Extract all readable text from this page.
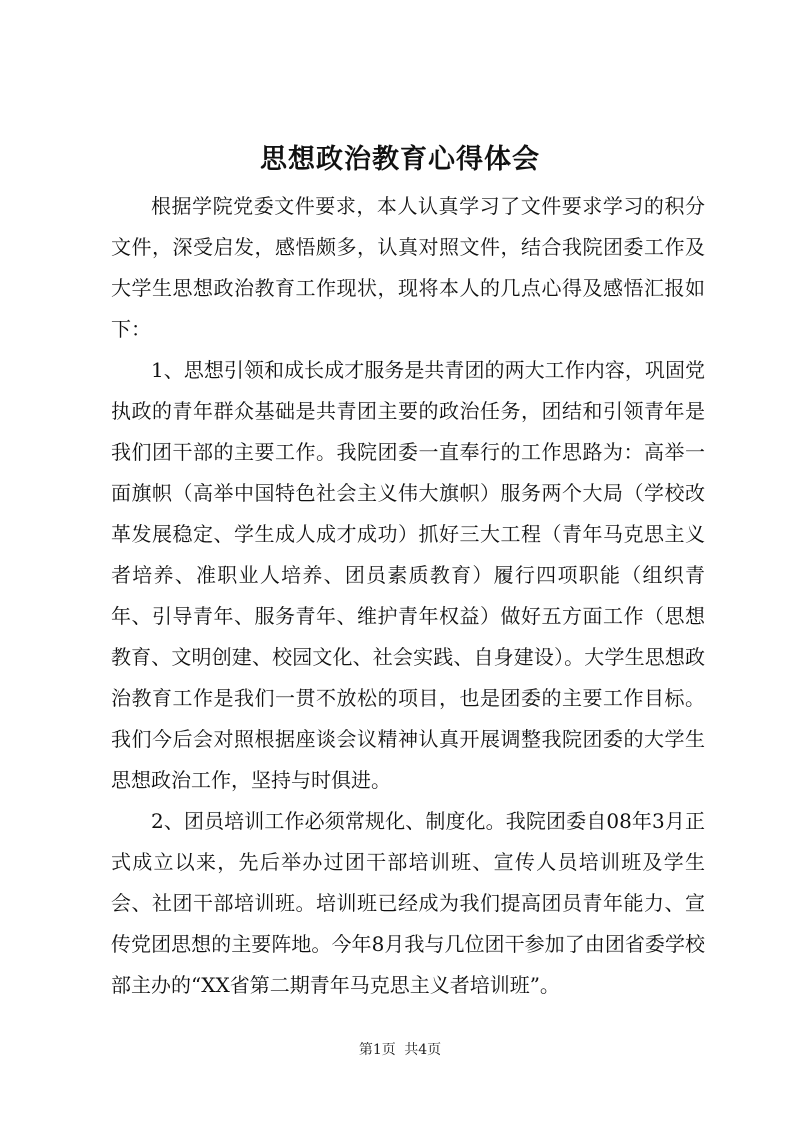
思想政治教育心得体会

根据学院党委文件要求，本人认真学习了文件要求学习的积分文件，深受启发，感悟颇多，认真对照文件，结合我院团委工作及大学生思想政治教育工作现状，现将本人的几点心得及感悟汇报如下：

1、思想引领和成长成才服务是共青团的两大工作内容，巩固党执政的青年群众基础是共青团主要的政治任务，团结和引领青年是我们团干部的主要工作。我院团委一直奉行的工作思路为：高举一面旗帜（高举中国特色社会主义伟大旗帜）服务两个大局（学校改革发展稳定、学生成人成才成功）抓好三大工程（青年马克思主义者培养、准职业人培养、团员素质教育）履行四项职能（组织青年、引导青年、服务青年、维护青年权益）做好五方面工作（思想教育、文明创建、校园文化、社会实践、自身建设）。大学生思想政治教育工作是我们一贯不放松的项目，也是团委的主要工作目标。我们今后会对照根据座谈会议精神认真开展调整我院团委的大学生思想政治工作，坚持与时俱进。

2、团员培训工作必须常规化、制度化。我院团委自08年3月正式成立以来，先后举办过团干部培训班、宣传人员培训班及学生会、社团干部培训班。培训班已经成为我们提高团员青年能力、宣传党团思想的主要阵地。今年8月我与几位团干参加了由团省委学校部主办的“XX省第二期青年马克思主义者培训班”。

第1页 共4页
